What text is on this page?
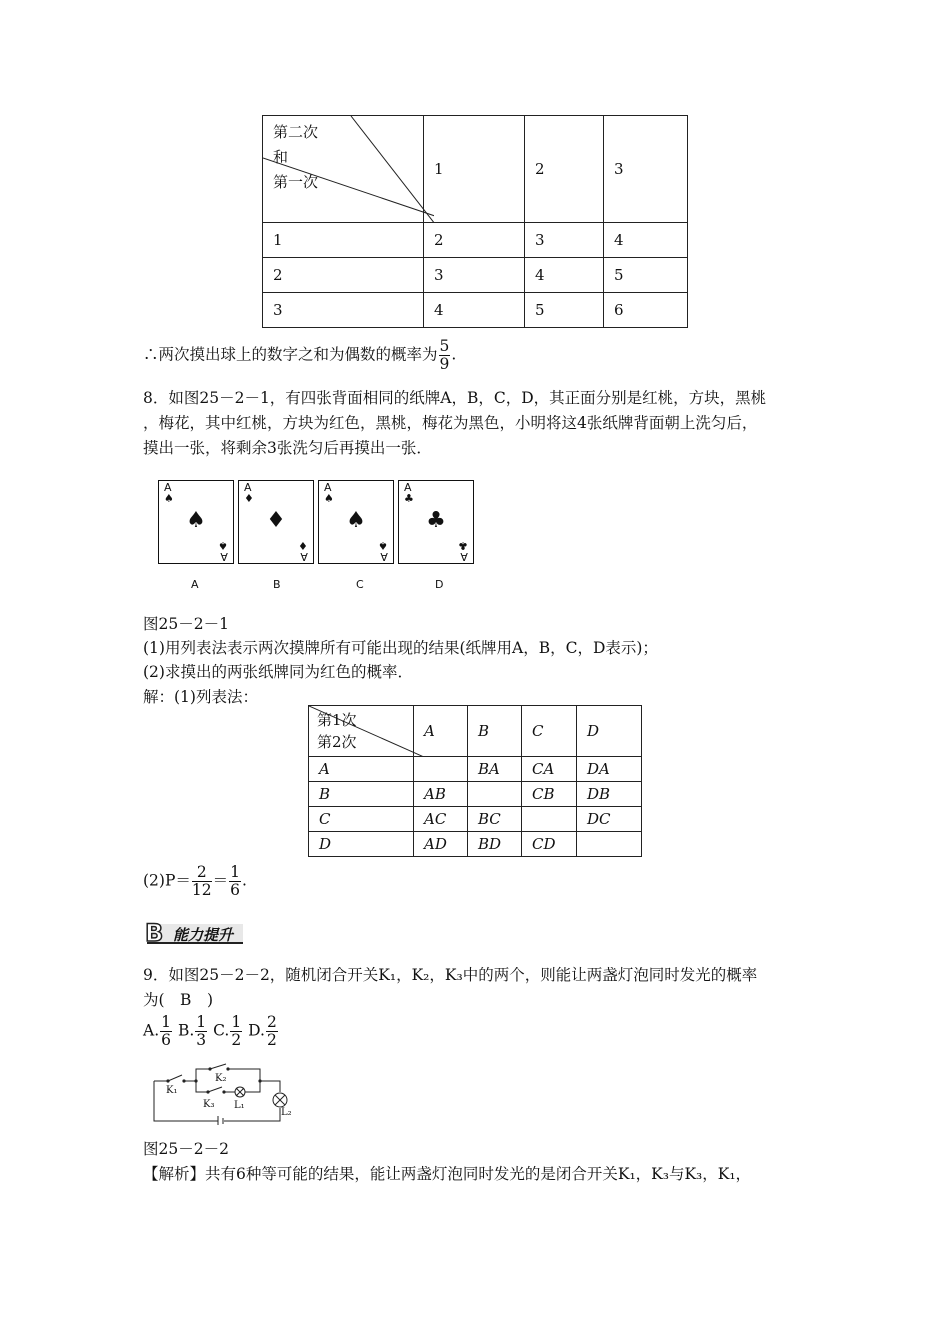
第二次
和
第一次	1	2	3
1	2	3	4
2	3	4	5
3	4	5	6
∴两次摸出球上的数字之和为偶数的概率为 $\frac{5}{9}$ .
8．如图25－2－1，有四张背面相同的纸牌A，B，C，D，其正面分别是红桃，方块，黑桃
，梅花，其中红桃，方块为红色，黑桃，梅花为黑色，小明将这4张纸牌背面朝上洗匀后，
摸出一张，将剩余3张洗匀后再摸出一张．
A
♠
♠
A
♠
A
A
♦
♦
A
♦
B
A
♠
♠
A
♠
C
A
♣
♣
A
♣
D
图25－2－1
(1)用列表法表示两次摸牌所有可能出现的结果(纸牌用A，B，C，D表示)；
(2)求摸出的两张纸牌同为红色的概率．
解：(1)列表法：
第1次
第2次	A	B	C	D
A		BA	CA	DA
B	AB		CB	DB
C	AC	BC		DC
D	AD	BD	CD	
$(2)P= \frac{2}{12} = \frac{1}{6}$ .
B 能力提升
9．如图25－2－2，随机闭合开关K₁，K₂，K₃中的两个，则能让两盏灯泡同时发光的概率
为(　B　)
A. $\frac{1}{6} B$. $\frac{1}{3} C$. $\frac{1}{2} D$. $\frac{2}{2}$
K₁
K₂
K₃ L₁
L₂
图25－2－2
【解析】共有6种等可能的结果，能让两盏灯泡同时发光的是闭合开关K₁，K₃与K₃，K₁，
